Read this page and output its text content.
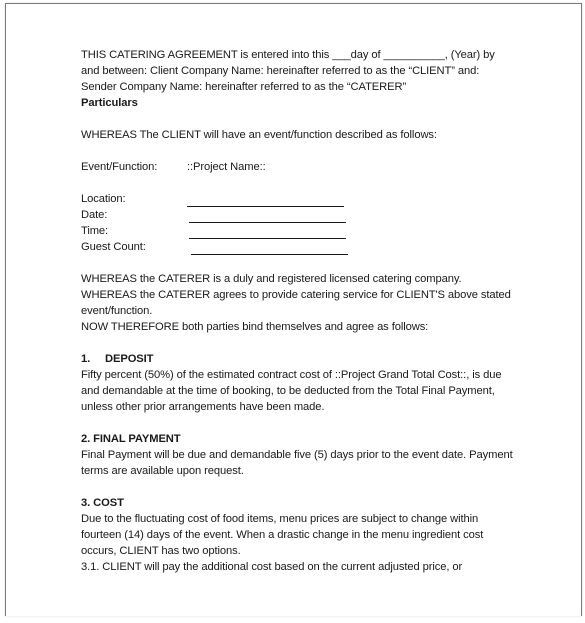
THIS CATERING AGREEMENT is entered into this ___day of __________, (Year) by
and between: Client Company Name: hereinafter referred to as the “CLIENT” and:
Sender Company Name: hereinafter referred to as the “CATERER”
Particulars
WHEREAS The CLIENT will have an event/function described as follows:
Event/Function:	::Project Name::
Location:
Date:
Time:
Guest Count:
WHEREAS the CATERER is a duly and registered licensed catering company.
WHEREAS the CATERER agrees to provide catering service for CLIENT'S above stated
event/function.
NOW THEREFORE both parties bind themselves and agree as follows:
1. DEPOSIT
Fifty percent (50%) of the estimated contract cost of ::Project Grand Total Cost::, is due
and demandable at the time of booking, to be deducted from the Total Final Payment,
unless other prior arrangements have been made.
2. FINAL PAYMENT
Final Payment will be due and demandable five (5) days prior to the event date. Payment
terms are available upon request.
3. COST
Due to the fluctuating cost of food items, menu prices are subject to change within
fourteen (14) days of the event. When a drastic change in the menu ingredient cost
occurs, CLIENT has two options.
3.1. CLIENT will pay the additional cost based on the current adjusted price, or
